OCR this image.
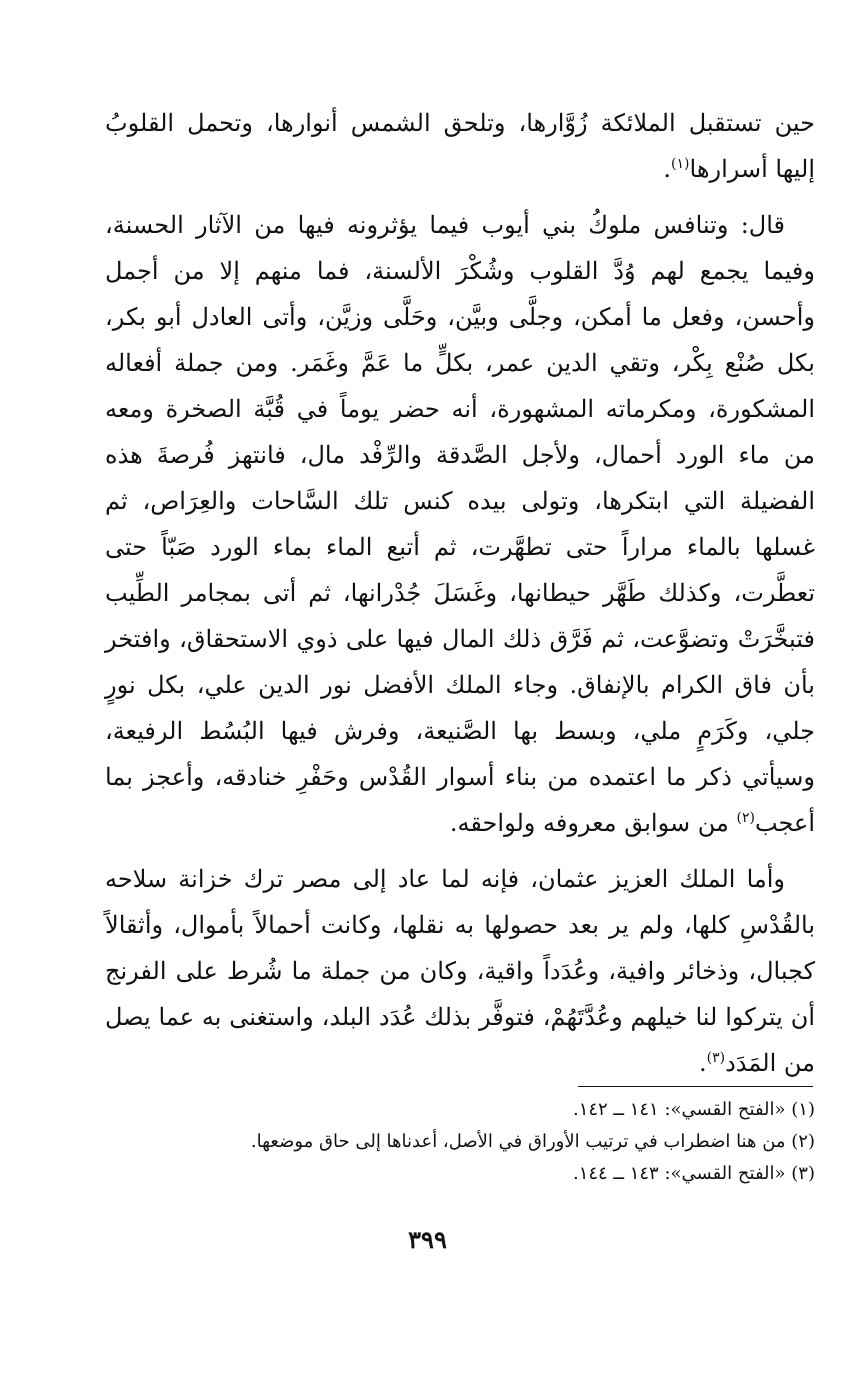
حين تستقبل الملائكة زُوَّارها، وتلحق الشمس أنوارها، وتحمل القلوبُ إليها أسرارها$^{(١)}$.

قال: وتنافس ملوكُ بني أيوب فيما يؤثرونه فيها من الآثار الحسنة، وفيما يجمع لهم وُدَّ القلوب وشُكْرَ الألسنة، فما منهم إلا من أجمل وأحسن، وفعل ما أمكن، وجلَّى وبيَّن، وحَلَّى وزيَّن، وأتى العادل أبو بكر، بكل صُنْع بِكْر، وتقي الدين عمر، بكلٍّ ما عَمَّ وغَمَر. ومن جملة أفعاله المشكورة، ومكرماته المشهورة، أنه حضر يوماً في قُبَّة الصخرة ومعه من ماء الورد أحمال، ولأجل الصَّدقة والرِّفْد مال، فانتهز فُرصةَ هذه الفضيلة التي ابتكرها، وتولى بيده كنس تلك السَّاحات والعِرَاص، ثم غسلها بالماء مراراً حتى تطهَّرت، ثم أتبع الماء بماء الورد صَبّاً حتى تعطَّرت، وكذلك طَهَّر حيطانها، وغَسَلَ جُدْرانها، ثم أتى بمجامر الطِّيب فتبخَّرَتْ وتضوَّعت، ثم فَرَّق ذلك المال فيها على ذوي الاستحقاق، وافتخر بأن فاق الكرام بالإنفاق. وجاء الملك الأفضل نور الدين علي، بكل نورٍ جلي، وكَرَمٍ ملي، وبسط بها الصَّنيعة، وفرش فيها البُسُط الرفيعة، وسيأتي ذكر ما اعتمده من بناء أسوار القُدْس وحَفْرِ خنادقه، وأعجز بما أعجب$^{(٢)}$ من سوابق معروفه ولواحقه.

وأما الملك العزيز عثمان، فإنه لما عاد إلى مصر ترك خزانة سلاحه بالقُدْسِ كلها، ولم ير بعد حصولها به نقلها، وكانت أحمالاً بأموال، وأثقالاً كجبال، وذخائر وافية، وعُدَداً واقية، وكان من جملة ما شُرط على الفرنج أن يتركوا لنا خيلهم وعُدَّتَهُمْ، فتوفَّر بذلك عُدَد البلد، واستغنى به عما يصل من المَدَد$^{(٣)}$.

(١) «الفتح القسي»: ١٤١ ــ ١٤٢.

(٢) من هنا اضطراب في ترتيب الأوراق في الأصل، أعدناها إلى حاق موضعها.

(٣) «الفتح القسي»: ١٤٣ ــ ١٤٤.

٣٩٩
